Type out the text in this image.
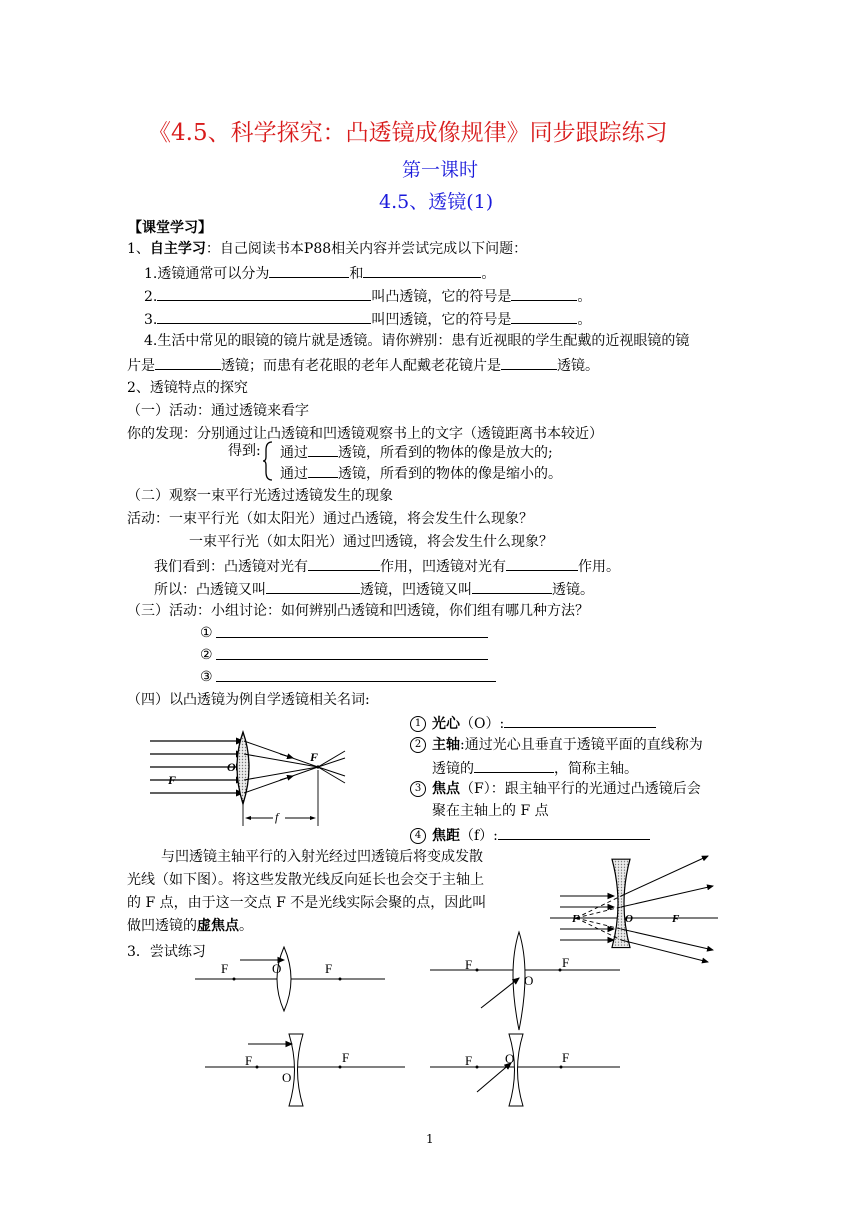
《4.5、科学探究：凸透镜成像规律》同步跟踪练习
第一课时
4.5、透镜(1)
【课堂学习】
1、自主学习：自己阅读书本P88相关内容并尝试完成以下问题：
1.透镜通常可以分为	和	。
2.	叫凸透镜，它的符号是	。
3.	叫凹透镜，它的符号是	。
4.生活中常见的眼镜的镜片就是透镜。请你辨别：患有近视眼的学生配戴的近视眼镜的镜
片是	透镜；而患有老花眼的老年人配戴老花镜片是	透镜。
2、透镜特点的探究
（一）活动：通过透镜来看字
你的发现：分别通过让凸透镜和凹透镜观察书上的文字（透镜距离书本较近）
得到: 通过 透镜，所看到的物体的像是放大的;
通过 透镜，所看到的物体的像是缩小的。
（二）观察一束平行光透过透镜发生的现象
活动：一束平行光（如太阳光）通过凸透镜，将会发生什么现象？
一束平行光（如太阳光）通过凹透镜，将会发生什么现象？
我们看到：凸透镜对光有	作用，凹透镜对光有	作用。
所以：凸透镜又叫	透镜，凹透镜又叫	透镜。
（三）活动：小组讨论：如何辨别凸透镜和凹透镜，你们组有哪几种方法？
①
②
③
（四）以凸透镜为例自学透镜相关名词:
1 光心（O）:
2 主轴:通过光心且垂直于透镜平面的直线称为
透镜的	，简称主轴。
3 焦点（F）：跟主轴平行的光通过凸透镜后会
聚在主轴上的 F 点
4 焦距（f）:
F
O
F
f
与凹透镜主轴平行的入射光经过凹透镜后将变成发散
光线（如下图）。将这些发散光线反向延长也会交于主轴上
的 F 点，由于这一交点 F 不是光线实际会聚的点，因此叫
做凹透镜的虚焦点。	F	O	F
3．尝试练习
F	O	F	F
O
F
F
O
F	F	O	F
1
